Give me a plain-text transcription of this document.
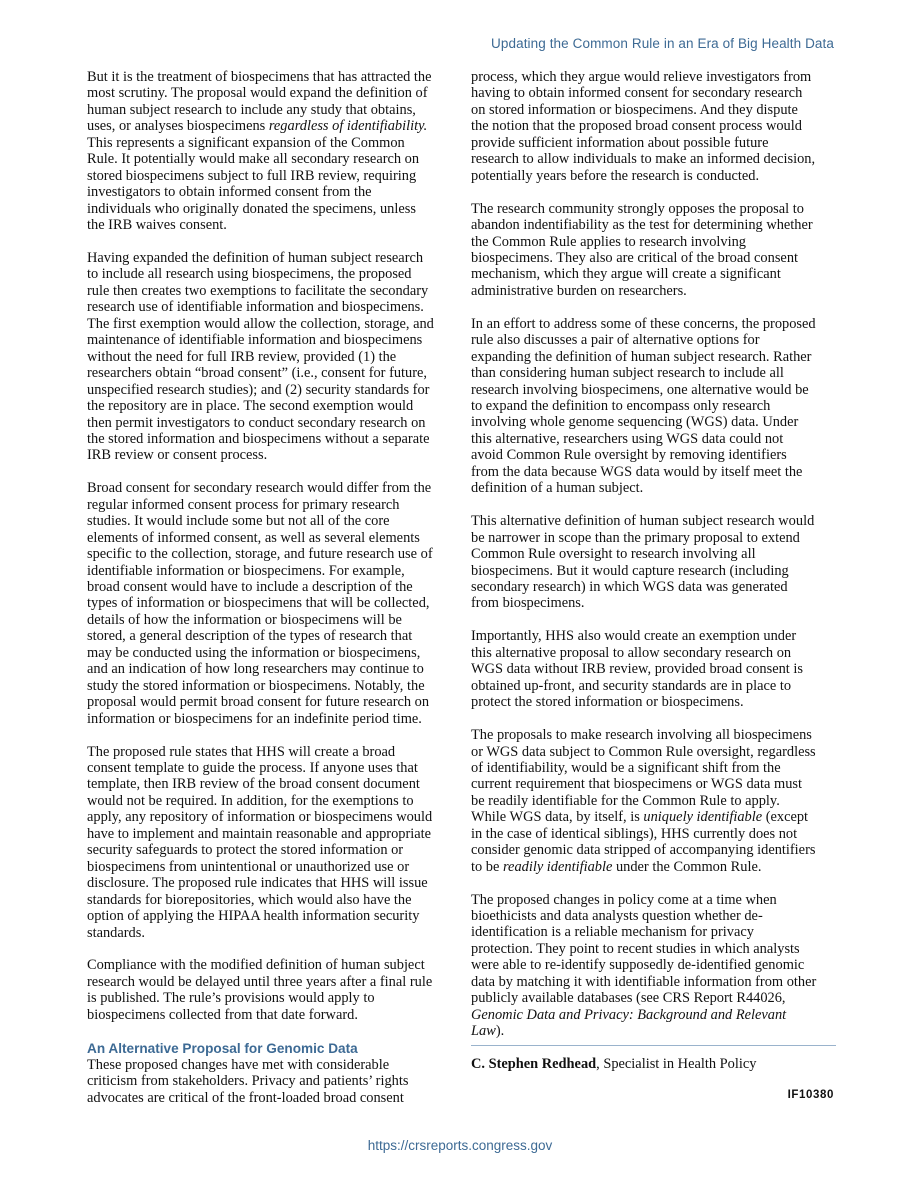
Updating the Common Rule in an Era of Big Health Data

But it is the treatment of biospecimens that has attracted the
most scrutiny. The proposal would expand the definition of
human subject research to include any study that obtains,
uses, or analyses biospecimens regardless of identifiability.
This represents a significant expansion of the Common
Rule. It potentially would make all secondary research on
stored biospecimens subject to full IRB review, requiring
investigators to obtain informed consent from the
individuals who originally donated the specimens, unless
the IRB waives consent.

Having expanded the definition of human subject research
to include all research using biospecimens, the proposed
rule then creates two exemptions to facilitate the secondary
research use of identifiable information and biospecimens.
The first exemption would allow the collection, storage, and
maintenance of identifiable information and biospecimens
without the need for full IRB review, provided (1) the
researchers obtain “broad consent” (i.e., consent for future,
unspecified research studies); and (2) security standards for
the repository are in place. The second exemption would
then permit investigators to conduct secondary research on
the stored information and biospecimens without a separate
IRB review or consent process.

Broad consent for secondary research would differ from the
regular informed consent process for primary research
studies. It would include some but not all of the core
elements of informed consent, as well as several elements
specific to the collection, storage, and future research use of
identifiable information or biospecimens. For example,
broad consent would have to include a description of the
types of information or biospecimens that will be collected,
details of how the information or biospecimens will be
stored, a general description of the types of research that
may be conducted using the information or biospecimens,
and an indication of how long researchers may continue to
study the stored information or biospecimens. Notably, the
proposal would permit broad consent for future research on
information or biospecimens for an indefinite period time.

The proposed rule states that HHS will create a broad
consent template to guide the process. If anyone uses that
template, then IRB review of the broad consent document
would not be required. In addition, for the exemptions to
apply, any repository of information or biospecimens would
have to implement and maintain reasonable and appropriate
security safeguards to protect the stored information or
biospecimens from unintentional or unauthorized use or
disclosure. The proposed rule indicates that HHS will issue
standards for biorepositories, which would also have the
option of applying the HIPAA health information security
standards.

Compliance with the modified definition of human subject
research would be delayed until three years after a final rule
is published. The rule’s provisions would apply to
biospecimens collected from that date forward.

An Alternative Proposal for Genomic Data

These proposed changes have met with considerable
criticism from stakeholders. Privacy and patients’ rights
advocates are critical of the front-loaded broad consent

process, which they argue would relieve investigators from
having to obtain informed consent for secondary research
on stored information or biospecimens. And they dispute
the notion that the proposed broad consent process would
provide sufficient information about possible future
research to allow individuals to make an informed decision,
potentially years before the research is conducted.

The research community strongly opposes the proposal to
abandon indentifiability as the test for determining whether
the Common Rule applies to research involving
biospecimens. They also are critical of the broad consent
mechanism, which they argue will create a significant
administrative burden on researchers.

In an effort to address some of these concerns, the proposed
rule also discusses a pair of alternative options for
expanding the definition of human subject research. Rather
than considering human subject research to include all
research involving biospecimens, one alternative would be
to expand the definition to encompass only research
involving whole genome sequencing (WGS) data. Under
this alternative, researchers using WGS data could not
avoid Common Rule oversight by removing identifiers
from the data because WGS data would by itself meet the
definition of a human subject.

This alternative definition of human subject research would
be narrower in scope than the primary proposal to extend
Common Rule oversight to research involving all
biospecimens. But it would capture research (including
secondary research) in which WGS data was generated
from biospecimens.

Importantly, HHS also would create an exemption under
this alternative proposal to allow secondary research on
WGS data without IRB review, provided broad consent is
obtained up-front, and security standards are in place to
protect the stored information or biospecimens.

The proposals to make research involving all biospecimens
or WGS data subject to Common Rule oversight, regardless
of identifiability, would be a significant shift from the
current requirement that biospecimens or WGS data must
be readily identifiable for the Common Rule to apply.
While WGS data, by itself, is uniquely identifiable (except
in the case of identical siblings), HHS currently does not
consider genomic data stripped of accompanying identifiers
to be readily identifiable under the Common Rule.

The proposed changes in policy come at a time when
bioethicists and data analysts question whether de-
identification is a reliable mechanism for privacy
protection. They point to recent studies in which analysts
were able to re-identify supposedly de-identified genomic
data by matching it with identifiable information from other
publicly available databases (see CRS Report R44026,
Genomic Data and Privacy: Background and Relevant
Law).

C. Stephen Redhead, Specialist in Health Policy
IF10380
https://crsreports.congress.gov
